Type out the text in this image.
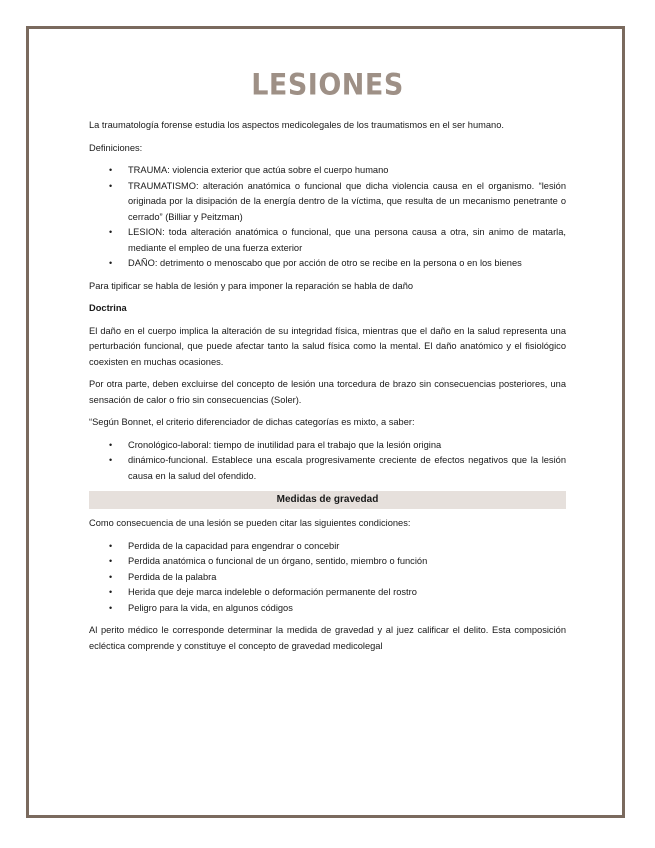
LESIONES

La traumatología forense estudia los aspectos medicolegales de los traumatismos en el ser humano.

Definiciones:

• TRAUMA: violencia exterior que actúa sobre el cuerpo humano
• TRAUMATISMO: alteración anatómica o funcional que dicha violencia causa en el organismo. “lesión originada por la disipación de la energía dentro de la víctima, que resulta de un mecanismo penetrante o cerrado” (Billiar y Peitzman)
• LESION: toda alteración anatómica o funcional, que una persona causa a otra, sin animo de matarla, mediante el empleo de una fuerza exterior
• DAÑO: detrimento o menoscabo que por acción de otro se recibe en la persona o en los bienes

Para tipificar se habla de lesión y para imponer la reparación se habla de daño

Doctrina

El daño en el cuerpo implica la alteración de su integridad física, mientras que el daño en la salud representa una perturbación funcional, que puede afectar tanto la salud física como la mental. El daño anatómico y el fisiológico coexisten en muchas ocasiones.

Por otra parte, deben excluirse del concepto de lesión una torcedura de brazo sin consecuencias posteriores, una sensación de calor o frio sin consecuencias (Soler).

“Según Bonnet, el criterio diferenciador de dichas categorías es mixto, a saber:

• Cronológico-laboral: tiempo de inutilidad para el trabajo que la lesión origina
• dinámico-funcional. Establece una escala progresivamente creciente de efectos negativos que la lesión causa en la salud del ofendido.
Medidas de gravedad

Como consecuencia de una lesión se pueden citar las siguientes condiciones:

• Perdida de la capacidad para engendrar o concebir
• Perdida anatómica o funcional de un órgano, sentido, miembro o función
• Perdida de la palabra
• Herida que deje marca indeleble o deformación permanente del rostro
• Peligro para la vida, en algunos códigos

Al perito médico le corresponde determinar la medida de gravedad y al juez calificar el delito. Esta composición ecléctica comprende y constituye el concepto de gravedad medicolegal
